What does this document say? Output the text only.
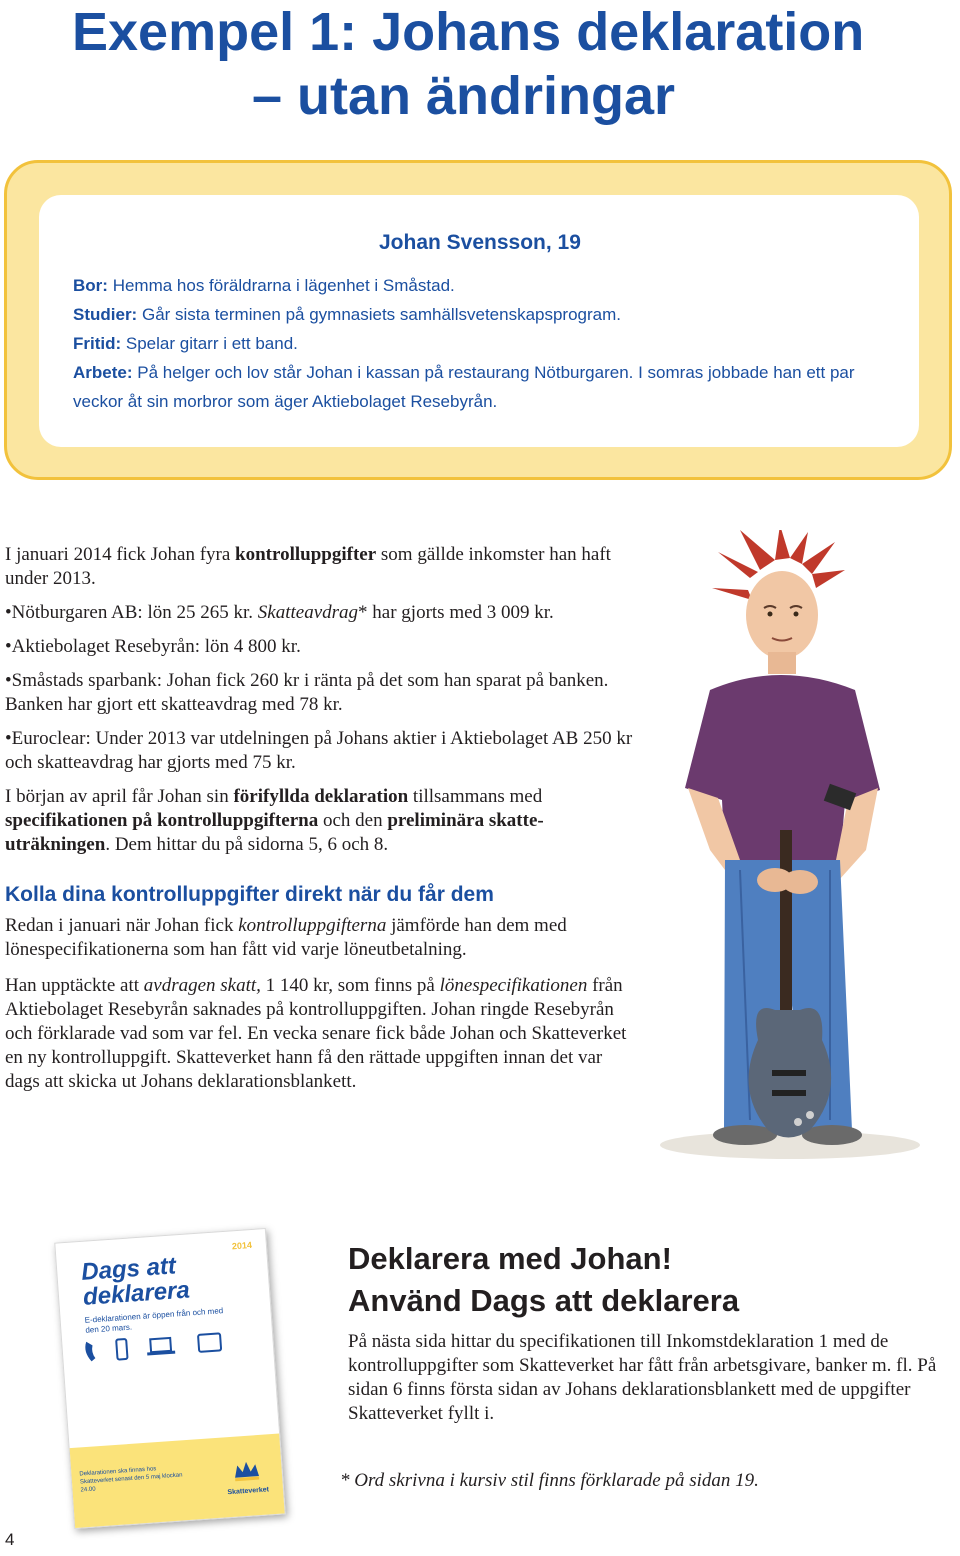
Exempel 1: Johans deklaration
– utan ändringar
Johan Svensson, 19

Bor: Hemma hos föräldrarna i lägenhet i Småstad.

Studier: Går sista terminen på gymnasiets samhällsvetenskapsprogram.

Fritid: Spelar gitarr i ett band.

Arbete: På helger och lov står Johan i kassan på restaurang Nötburgaren. I somras jobbade han ett par veckor åt sin morbror som äger Aktiebolaget Resebyrån.

I januari 2014 fick Johan fyra kontrolluppgifter som gällde inkomster han haft under 2013.

• Nötburgaren AB: lön 25 265 kr. Skatteavdrag* har gjorts med 3 009 kr.
• Aktiebolaget Resebyrån: lön 4 800 kr.
• Småstads sparbank: Johan fick 260 kr i ränta på det som han sparat på banken. Banken har gjort ett skatteavdrag med 78 kr.
• Euroclear: Under 2013 var utdelningen på Johans aktier i Aktiebolaget AB 250 kr och skatteavdrag har gjorts med 75 kr.

I början av april får Johan sin förifyllda deklaration tillsammans med specifikationen på kontrolluppgifterna och den preliminära skatteuträkningen. Dem hittar du på sidorna 5, 6 och 8.

Kolla dina kontrolluppgifter direkt när du får dem

Redan i januari när Johan fick kontrolluppgifterna jämförde han dem med lönespecifikationerna som han fått vid varje löneutbetalning.

Han upptäckte att avdragen skatt, 1 140 kr, som finns på lönespecifikationen från Aktiebolaget Resebyrån saknades på kontrolluppgiften. Johan ringde Resebyrån och förklarade vad som var fel. En vecka senare fick både Johan och Skatteverket en ny kontrolluppgift. Skatteverket hann få den rättade uppgiften innan det var dags att skicka ut Johans deklarationsblankett.

2014
Dags att deklarera
E-deklarationen är öppen från och med den 20 mars.
Deklarationen ska finnas hos Skatteverket senast den 5 maj klockan 24.00	Skatteverket
Deklarera med Johan!
Använd Dags att deklarera
På nästa sida hittar du specifikationen till Inkomstdeklaration 1 med de kontrolluppgifter som Skatteverket har fått från arbetsgivare, banker m. fl. På sidan 6 finns första sidan av Johans deklarationsblankett med de uppgifter Skatteverket fyllt i.
* Ord skrivna i kursiv stil finns förklarade på sidan 19.
4
